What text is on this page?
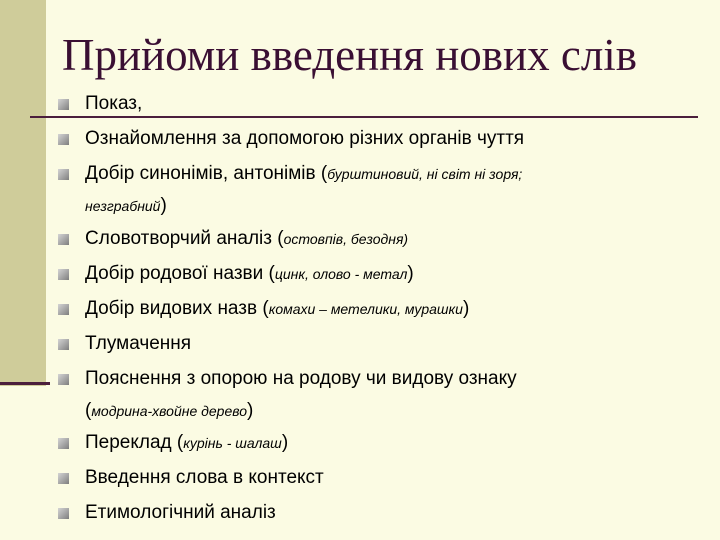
Прийоми введення нових слів
Показ,
Ознайомлення за допомогою різних органів чуття
Добір синонімів, антонімів (бурштиновий, ні світ ні зоря;
незграбний)
Словотворчий аналіз (остовпів, безодня)
Добір родової назви (цинк, олово - метал)
Добір видових назв (комахи – метелики, мурашки)
Тлумачення
Пояснення з опорою на родову чи видову ознаку
(модрина-хвойне дерево)
Переклад (курінь - шалаш)
Введення слова в контекст
Етимологічний аналіз
